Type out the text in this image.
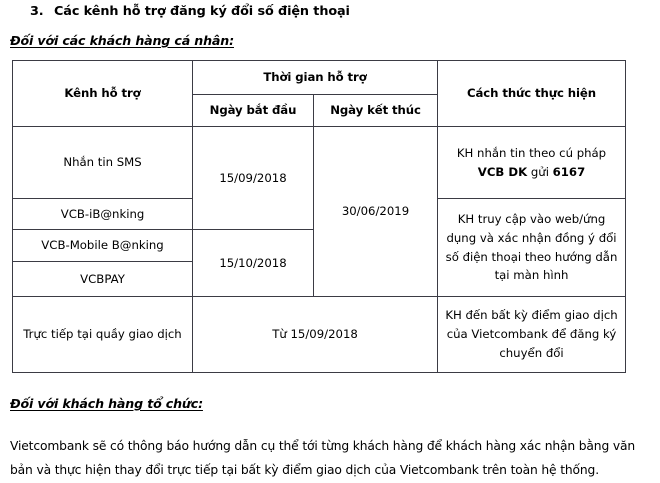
3. Các kênh hỗ trợ đăng ký đổi số điện thoại
Đối với các khách hàng cá nhân:
Kênh hỗ trợ	Thời gian hỗ trợ		Cách thức thực hiện
	Ngày bắt đầu	Ngày kết thúc	
Nhắn tin SMS	15/09/2018	30/06/2019	KH nhắn tin theo cú pháp VCB DK gửi 6167
VCB-iB@nking			KH truy cập vào web/ứng dụng và xác nhận đồng ý đổi số điện thoại theo hướng dẫn tại màn hình
VCB-Mobile B@nking	15/10/2018		
VCBPAY			
Trực tiếp tại quầy giao dịch	Từ 15/09/2018		KH đến bất kỳ điểm giao dịch của Vietcombank để đăng ký chuyển đổi
Đối với khách hàng tổ chức:

Vietcombank sẽ có thông báo hướng dẫn cụ thể tới từng khách hàng để khách hàng xác nhận bằng văn bản và thực hiện thay đổi trực tiếp tại bất kỳ điểm giao dịch của Vietcombank trên toàn hệ thống.
